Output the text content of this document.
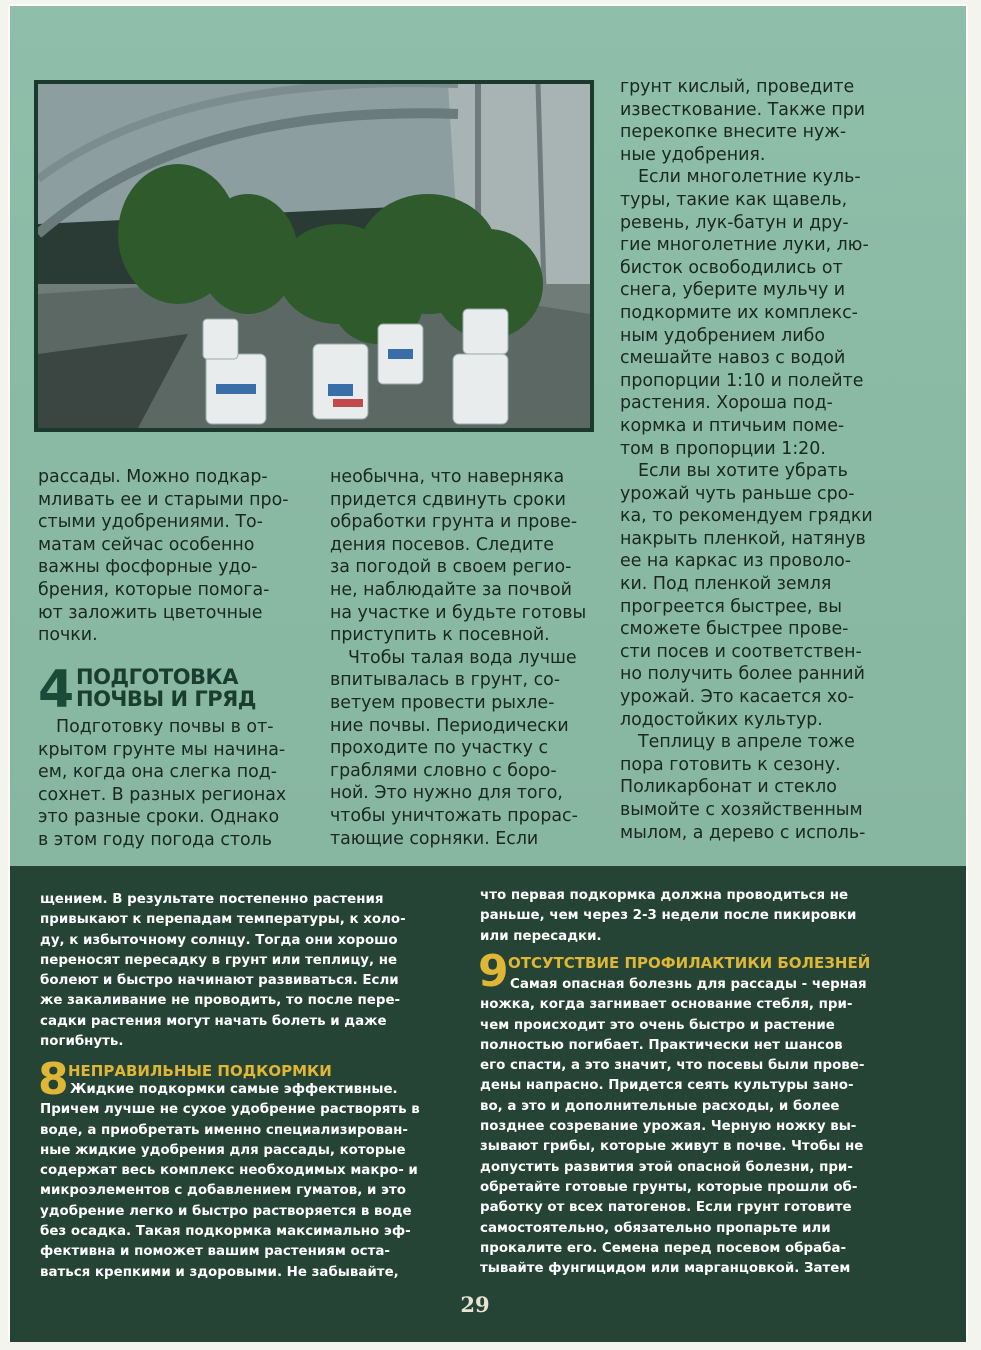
рассады. Можно подкар-

мливать ее и старыми про-

стыми удобрениями. То-

матам сейчас особенно

важны фосфорные удо-

брения, которые помога-

ют заложить цветочные

почки.

4 ПОДГОТОВКА
ПОЧВЫ И ГРЯД

Подготовку почвы в от-

крытом грунте мы начина-

ем, когда она слегка под-

сохнет. В разных регионах

это разные сроки. Однако

в этом году погода столь

необычна, что наверняка

придется сдвинуть сроки

обработки грунта и прове-

дения посевов. Следите

за погодой в своем регио-

не, наблюдайте за почвой

на участке и будьте готовы

приступить к посевной.

Чтобы талая вода лучше

впитывалась в грунт, со-

ветуем провести рыхле-

ние почвы. Периодически

проходите по участку с

граблями словно с боро-

ной. Это нужно для того,

чтобы уничтожать прорас-

тающие сорняки. Если

грунт кислый, проведите

известкование. Также при

перекопке внесите нуж-

ные удобрения.

Если многолетние куль-

туры, такие как щавель,

ревень, лук-батун и дру-

гие многолетние луки, лю-

бисток освободились от

снега, уберите мульчу и

подкормите их комплекс-

ным удобрением либо

смешайте навоз с водой

пропорции 1:10 и полейте

растения. Хороша под-

кормка и птичьим поме-

том в пропорции 1:20.

Если вы хотите убрать

урожай чуть раньше сро-

ка, то рекомендуем грядки

накрыть пленкой, натянув

ее на каркас из проволо-

ки. Под пленкой земля

прогреется быстрее, вы

сможете быстрее прове-

сти посев и соответствен-

но получить более ранний

урожай. Это касается хо-

лодостойких культур.

Теплицу в апреле тоже

пора готовить к сезону.

Поликарбонат и стекло

вымойте с хозяйственным

мылом, а дерево с исполь-

щением. В результате постепенно растения

привыкают к перепадам температуры, к холо-

ду, к избыточному солнцу. Тогда они хорошо

переносят пересадку в грунт или теплицу, не

болеют и быстро начинают развиваться. Если

же закаливание не проводить, то после пере-

садки растения могут начать болеть и даже

погибнуть.

8 НЕПРАВИЛЬНЫЕ ПОДКОРМКИ

Жидкие подкормки самые эффективные.

Причем лучше не сухое удобрение растворять в

воде, а приобретать именно специализирован-

ные жидкие удобрения для рассады, которые

содержат весь комплекс необходимых макро- и

микроэлементов с добавлением гуматов, и это

удобрение легко и быстро растворяется в воде

без осадка. Такая подкормка максимально эф-

фективна и поможет вашим растениям оста-

ваться крепкими и здоровыми. Не забывайте,

что первая подкормка должна проводиться не

раньше, чем через 2-3 недели после пикировки

или пересадки.

9 ОТСУТСТВИЕ ПРОФИЛАКТИКИ БОЛЕЗНЕЙ

Самая опасная болезнь для рассады - черная

ножка, когда загнивает основание стебля, при-

чем происходит это очень быстро и растение

полностью погибает. Практически нет шансов

его спасти, а это значит, что посевы были прове-

дены напрасно. Придется сеять культуры зано-

во, а это и дополнительные расходы, и более

позднее созревание урожая. Черную ножку вы-

зывают грибы, которые живут в почве. Чтобы не

допустить развития этой опасной болезни, при-

обретайте готовые грунты, которые прошли об-

работку от всех патогенов. Если грунт готовите

самостоятельно, обязательно пропарьте или

прокалите его. Семена перед посевом обраба-

тывайте фунгицидом или марганцовкой. Затем

29
